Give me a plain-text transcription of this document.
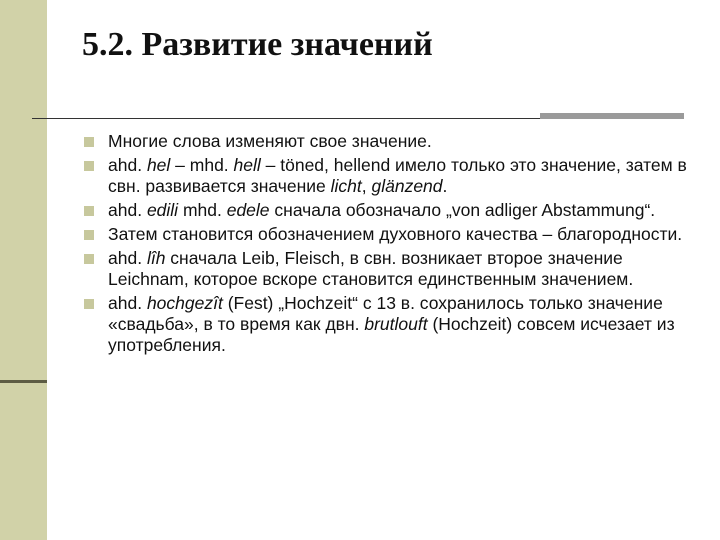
5.2. Развитие значений
Многие слова изменяют свое значение.
ahd. hel – mhd. hell – töned, hellend имело только это значение, затем в свн. развивается значение licht, glänzend.
ahd. edili mhd. edele сначала обозначало „von adliger Abstammung“.
Затем становится обозначением духовного качества – благородности.
ahd. lîh сначала Leib, Fleisch, в свн. возникает второе значение Leichnam, которое вскоре становится единственным значением.
ahd. hochgezît (Fest) „Hochzeit“ с 13 в. сохранилось только значение «свадьба», в то время как двн. brutlouft (Hochzeit) совсем исчезает из употребления.
